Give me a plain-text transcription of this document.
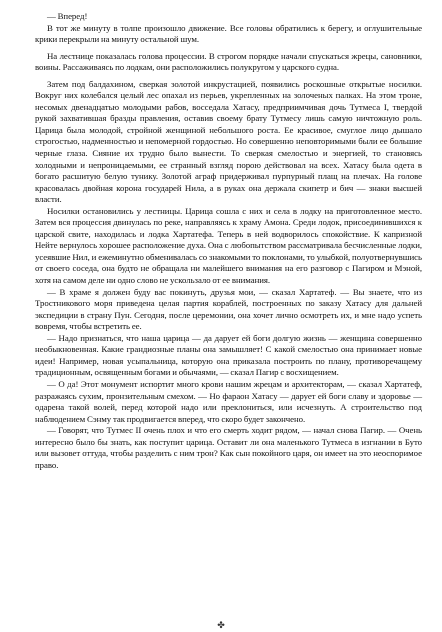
— Вперед!

В тот же минуту в толпе произошло движение. Все головы обратились к берегу, и оглушительные крики перекрыли на минуту остальной шум.

На лестнице показалась голова процессии. В строгом порядке начали спускаться жрецы, сановники, воины. Рассаживаясь по лодкам, они расположились полукругом у царского судна.

Затем под балдахином, сверкая золотой инкрустацией, появились роскошные открытые носилки. Вокруг них колебался целый лес опахал из перьев, укрепленных на золоченых палках. На этом троне, несомых двенадцатью молодыми рабов, восседала Хатасу, предприимчивая дочь Тутмеса I, твердой рукой захватившая бразды правления, оставив своему брату Тутмесу лишь самую ничтожную роль. Царица была молодой, стройной женщиной небольшого роста. Ее красивое, смуглое лицо дышало строгостью, надменностью и непомерной гордостью. Но совершенно неповторимыми были ее большие черные глаза. Сияние их трудно было вынести. То сверкая смелостью и энергией, то становясь холодными и непроницаемыми, ее странный взгляд порою действовал на всех. Хатасу была одета в богато расшитую белую тунику. Золотой аграф придерживал пурпурный плащ на плечах. На голове красовалась двойная корона государей Нила, а в руках она держала скипетр и бич — знаки высшей власти.

Носилки остановились у лестницы. Царица сошла с них и села в лодку на приготовленное место. Затем вся процессия двинулась по реке, направляясь к храму Амона. Среди лодок, присоединившихся к царской свите, находилась и лодка Хартатефа. Теперь в ней водворилось спокойствие. К капризной Нейте вернулось хорошее расположение духа. Она с любопытством рассматривала бесчисленные лодки, усеявшие Нил, и ежеминутно обменивалась со знакомыми то поклонами, то улыбкой, полуотвернувшись от своего соседа, она будто не обращала ни малейшего внимания на его разговор с Пагиром и Мэной, хотя на самом деле ни одно слово не ускользало от ее внимания.

— В храме я должен буду вас покинуть, друзья мои, — сказал Хартатеф. — Вы знаете, что из Тростникового моря приведена целая партия кораблей, построенных по заказу Хатасу для дальней экспедиции в страну Пун. Сегодня, после церемонии, она хочет лично осмотреть их, и мне надо успеть вовремя, чтобы встретить ее.

— Надо признаться, что наша царица — да дарует ей боги долгую жизнь — женщина совершенно необыкновенная. Какие грандиозные планы она замышляет! С какой смелостью она принимает новые идеи! Например, новая усыпальница, которую она приказала построить по плану, противоречащему традиционным, освященным богами и обычаями, — сказал Пагир с восхищением.

— О да! Этот монумент испортит много крови нашим жрецам и архитекторам, — сказал Хартатеф, разражаясь сухим, пронзительным смехом. — Но фараон Хатасу — дарует ей боги славу и здоровье — одарена такой волей, перед которой надо или преклониться, или исчезнуть. А строительство под наблюдением Сэнму так продвигается вперед, что скоро будет закончено.

— Говорят, что Тутмес II очень плох и что его смерть ходит рядом, — начал снова Пагир. — Очень интересно было бы знать, как поступит царица. Оставит ли она маленького Тутмеса в изгнании в Буто или вызовет оттуда, чтобы разделить с ним трон? Как сын покойного царя, он имеет на это неоспоримое право.

✤
